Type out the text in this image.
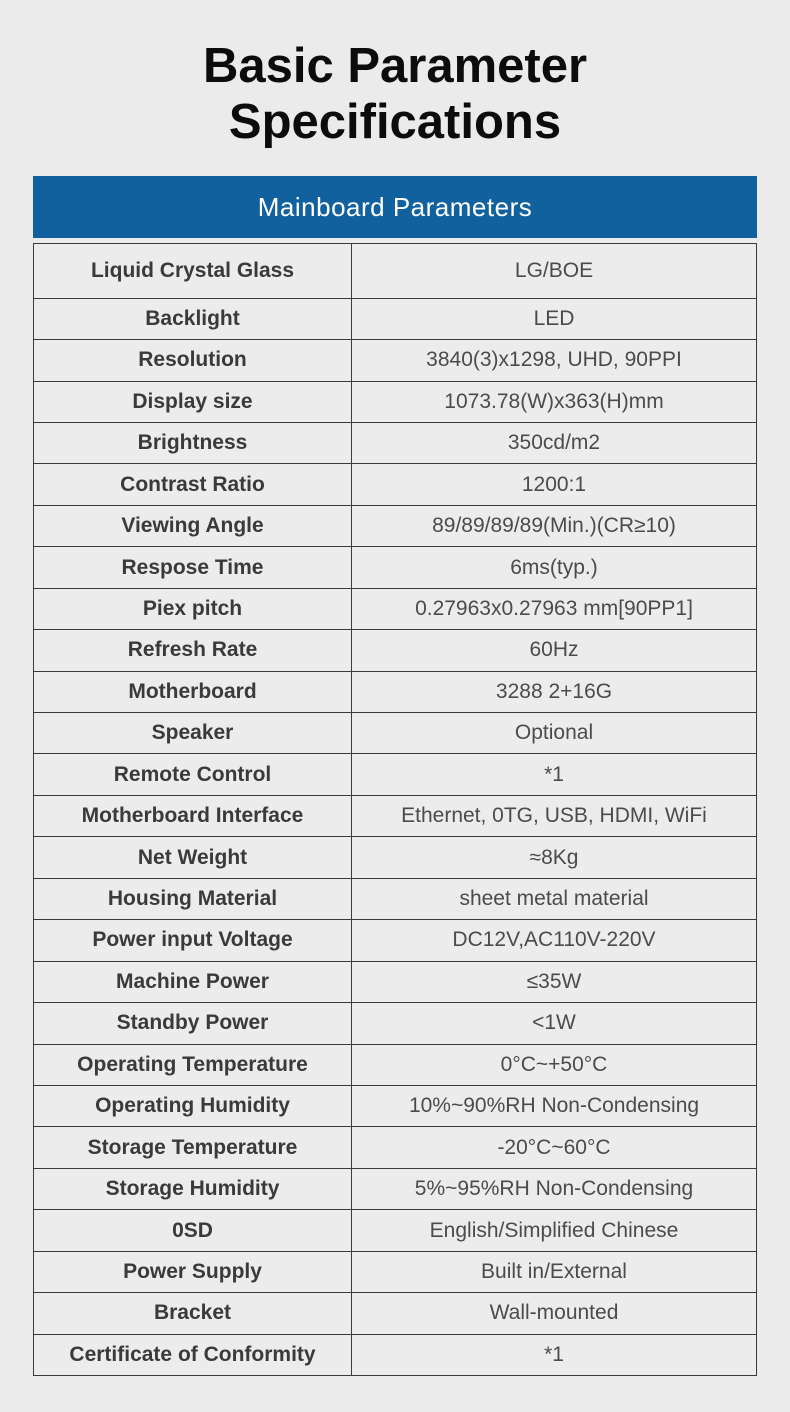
Basic Parameter
Specifications
Mainboard Parameters
Liquid Crystal Glass	LG/BOE
Backlight	LED
Resolution	3840(3)x1298, UHD, 90PPI
Display size	1073.78(W)x363(H)mm
Brightness	350cd/m2
Contrast Ratio	1200:1
Viewing Angle	89/89/89/89(Min.)(CR≥10)
Respose Time	6ms(typ.)
Piex pitch	0.27963x0.27963 mm[90PP1]
Refresh Rate	60Hz
Motherboard	3288 2+16G
Speaker	Optional
Remote Control	*1
Motherboard Interface	Ethernet, 0TG, USB, HDMI, WiFi
Net Weight	≈8Kg
Housing Material	sheet metal material
Power input Voltage	DC12V,AC110V-220V
Machine Power	≤35W
Standby Power	<1W
Operating Temperature	0°C~+50°C
Operating Humidity	10%~90%RH Non-Condensing
Storage Temperature	-20°C~60°C
Storage Humidity	5%~95%RH Non-Condensing
0SD	English/Simplified Chinese
Power Supply	Built in/External
Bracket	Wall-mounted
Certificate of Conformity	*1
